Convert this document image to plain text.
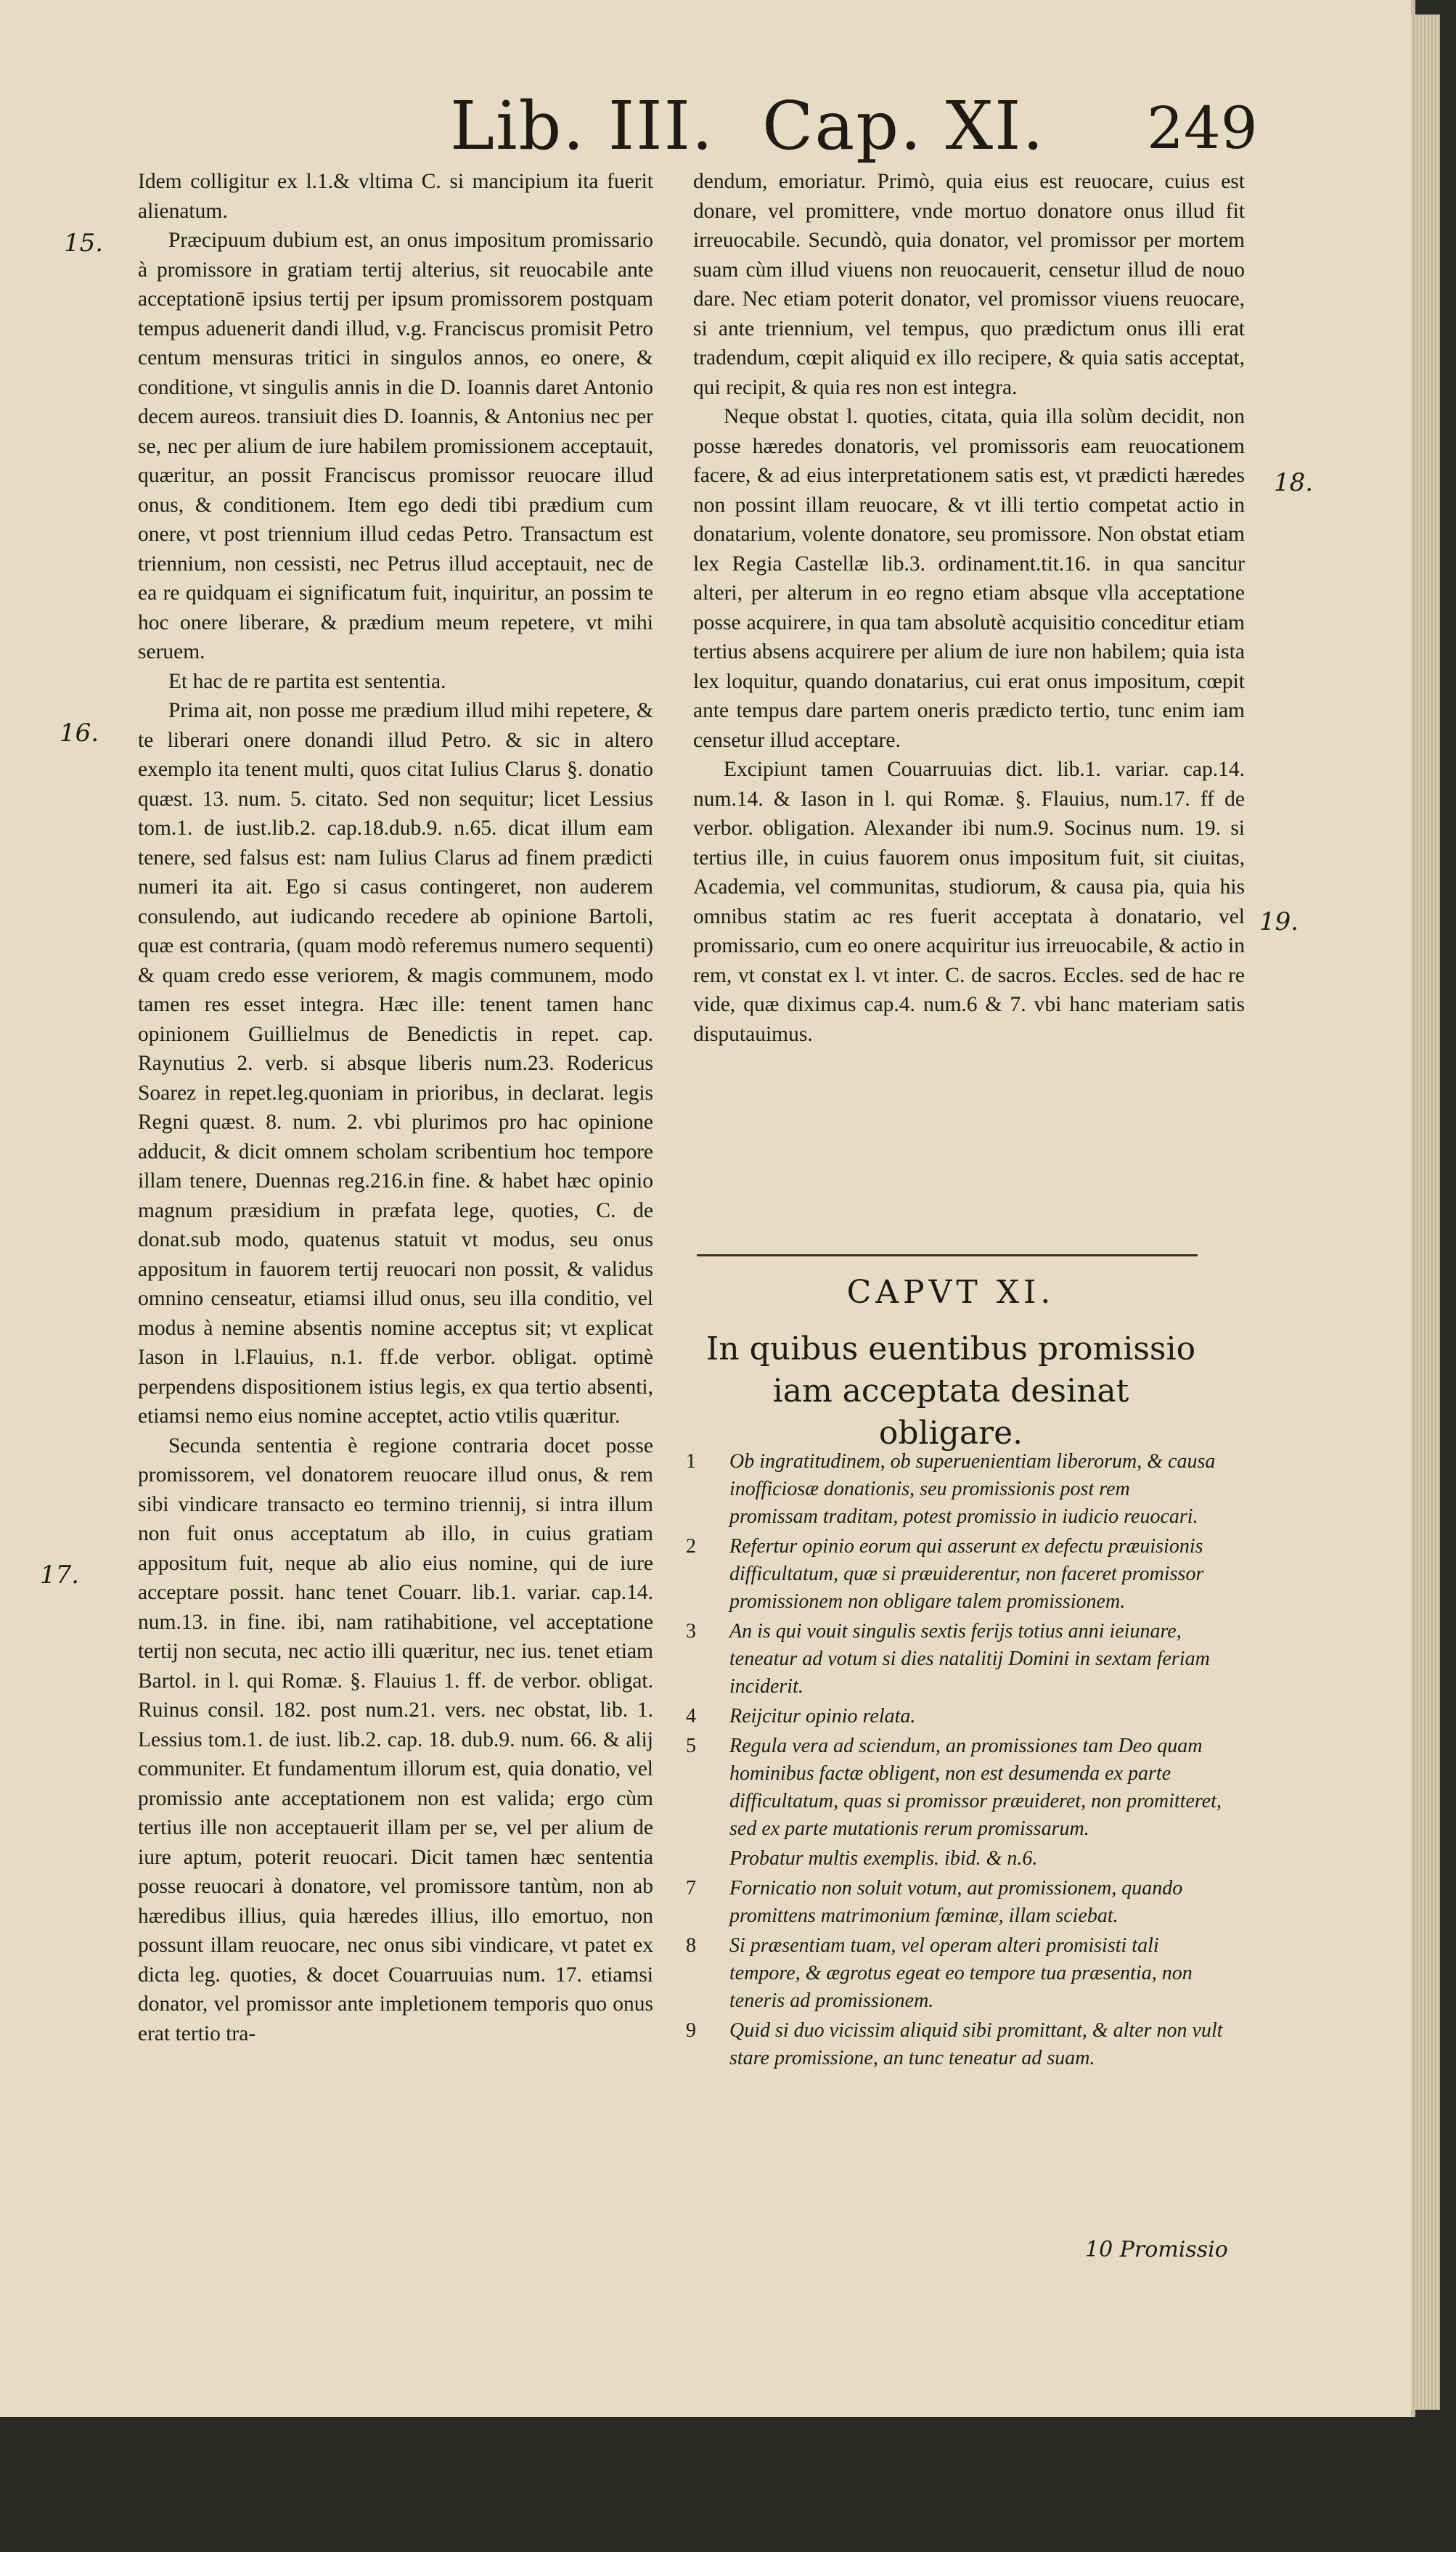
Lib. III. Cap. XI. 249
15.
16.
17.
18.
19.

Idem colligitur ex l.1.& vltima C. si mancipium ita fuerit alienatum.

Præcipuum dubium est, an onus impositum promissario à promissore in gratiam tertij alterius, sit reuocabile ante acceptationē ipsius tertij per ipsum promissorem postquam tempus aduenerit dandi illud, v.g. Franciscus promisit Petro centum mensuras tritici in singulos annos, eo onere, & conditione, vt singulis annis in die D. Ioannis daret Antonio decem aureos. transiuit dies D. Ioannis, & Antonius nec per se, nec per alium de iure habilem promissionem acceptauit, quæritur, an possit Franciscus promissor reuocare illud onus, & conditionem. Item ego dedi tibi prædium cum onere, vt post triennium illud cedas Petro. Transactum est triennium, non cessisti, nec Petrus illud acceptauit, nec de ea re quidquam ei significatum fuit, inquiritur, an possim te hoc onere liberare, & prædium meum repetere, vt mihi seruem.

Et hac de re partita est sententia.

Prima ait, non posse me prædium illud mihi repetere, & te liberari onere donandi illud Petro. & sic in altero exemplo ita tenent multi, quos citat Iulius Clarus §. donatio quæst. 13. num. 5. citato. Sed non sequitur; licet Lessius tom.1. de iust.lib.2. cap.18.dub.9. n.65. dicat illum eam tenere, sed falsus est: nam Iulius Clarus ad finem prædicti numeri ita ait. Ego si casus contingeret, non auderem consulendo, aut iudicando recedere ab opinione Bartoli, quæ est contraria, (quam modò referemus numero sequenti) & quam credo esse veriorem, & magis communem, modo tamen res esset integra. Hæc ille: tenent tamen hanc opinionem Guillielmus de Benedictis in repet. cap. Raynutius 2. verb. si absque liberis num.23. Rodericus Soarez in repet.leg.quoniam in prioribus, in declarat. legis Regni quæst. 8. num. 2. vbi plurimos pro hac opinione adducit, & dicit omnem scholam scribentium hoc tempore illam tenere, Duennas reg.216.in fine. & habet hæc opinio magnum præsidium in præfata lege, quoties, C. de donat.sub modo, quatenus statuit vt modus, seu onus appositum in fauorem tertij reuocari non possit, & validus omnino censeatur, etiamsi illud onus, seu illa conditio, vel modus à nemine absentis nomine acceptus sit; vt explicat Iason in l.Flauius, n.1. ff.de verbor. obligat. optimè perpendens dispositionem istius legis, ex qua tertio absenti, etiamsi nemo eius nomine acceptet, actio vtilis quæritur.

Secunda sententia è regione contraria docet posse promissorem, vel donatorem reuocare illud onus, & rem sibi vindicare transacto eo termino triennij, si intra illum non fuit onus acceptatum ab illo, in cuius gratiam appositum fuit, neque ab alio eius nomine, qui de iure acceptare possit. hanc tenet Couarr. lib.1. variar. cap.14. num.13. in fine. ibi, nam ratihabitione, vel acceptatione tertij non secuta, nec actio illi quæritur, nec ius. tenet etiam Bartol. in l. qui Romæ. §. Flauius 1. ff. de verbor. obligat. Ruinus consil. 182. post num.21. vers. nec obstat, lib. 1. Lessius tom.1. de iust. lib.2. cap. 18. dub.9. num. 66. & alij communiter. Et fundamentum illorum est, quia donatio, vel promissio ante acceptationem non est valida; ergo cùm tertius ille non acceptauerit illam per se, vel per alium de iure aptum, poterit reuocari. Dicit tamen hæc sententia posse reuocari à donatore, vel promissore tantùm, non ab hæredibus illius, quia hæredes illius, illo emortuo, non possunt illam reuocare, nec onus sibi vindicare, vt patet ex dicta leg. quoties, & docet Couarruuias num. 17. etiamsi donator, vel promissor ante impletionem temporis quo onus erat tertio tra-

dendum, emoriatur. Primò, quia eius est reuocare, cuius est donare, vel promittere, vnde mortuo donatore onus illud fit irreuocabile. Secundò, quia donator, vel promissor per mortem suam cùm illud viuens non reuocauerit, censetur illud de nouo dare. Nec etiam poterit donator, vel promissor viuens reuocare, si ante triennium, vel tempus, quo prædictum onus illi erat tradendum, cœpit aliquid ex illo recipere, & quia satis acceptat, qui recipit, & quia res non est integra.

Neque obstat l. quoties, citata, quia illa solùm decidit, non posse hæredes donatoris, vel promissoris eam reuocationem facere, & ad eius interpretationem satis est, vt prædicti hæredes non possint illam reuocare, & vt illi tertio competat actio in donatarium, volente donatore, seu promissore. Non obstat etiam lex Regia Castellæ lib.3. ordinament.tit.16. in qua sancitur alteri, per alterum in eo regno etiam absque vlla acceptatione posse acquirere, in qua tam absolutè acquisitio conceditur etiam tertius absens acquirere per alium de iure non habilem; quia ista lex loquitur, quando donatarius, cui erat onus impositum, cœpit ante tempus dare partem oneris prædicto tertio, tunc enim iam censetur illud acceptare.

Excipiunt tamen Couarruuias dict. lib.1. variar. cap.14. num.14. & Iason in l. qui Romæ. §. Flauius, num.17. ff de verbor. obligation. Alexander ibi num.9. Socinus num. 19. si tertius ille, in cuius fauorem onus impositum fuit, sit ciuitas, Academia, vel communitas, studiorum, & causa pia, quia his omnibus statim ac res fuerit acceptata à donatario, vel promissario, cum eo onere acquiritur ius irreuocabile, & actio in rem, vt constat ex l. vt inter. C. de sacros. Eccles. sed de hac re vide, quæ diximus cap.4. num.6 & 7. vbi hanc materiam satis disputauimus.

CAPVT XI.
In quibus euentibus promissio iam acceptata desinat obligare.
1 Ob ingratitudinem, ob superuenientiam liberorum, & causa inofficiosæ donationis, seu promissionis post rem promissam traditam, potest promissio in iudicio reuocari.
2 Refertur opinio eorum qui asserunt ex defectu præuisionis difficultatum, quæ si præuiderentur, non faceret promissor promissionem non obligare talem promissionem.
3 An is qui vouit singulis sextis ferijs totius anni ieiunare, teneatur ad votum si dies natalitij Domini in sextam feriam inciderit.
4 Reijcitur opinio relata.
5 Regula vera ad sciendum, an promissiones tam Deo quam hominibus factæ obligent, non est desumenda ex parte difficultatum, quas si promissor præuideret, non promitteret, sed ex parte mutationis rerum promissarum.
Probatur multis exemplis. ibid. & n.6.
7 Fornicatio non soluit votum, aut promissionem, quando promittens matrimonium fœminæ, illam sciebat.
8 Si præsentiam tuam, vel operam alteri promisisti tali tempore, & ægrotus egeat eo tempore tua præsentia, non teneris ad promissionem.
9 Quid si duo vicissim aliquid sibi promittant, & alter non vult stare promissione, an tunc teneatur ad suam.
10 Promissio
